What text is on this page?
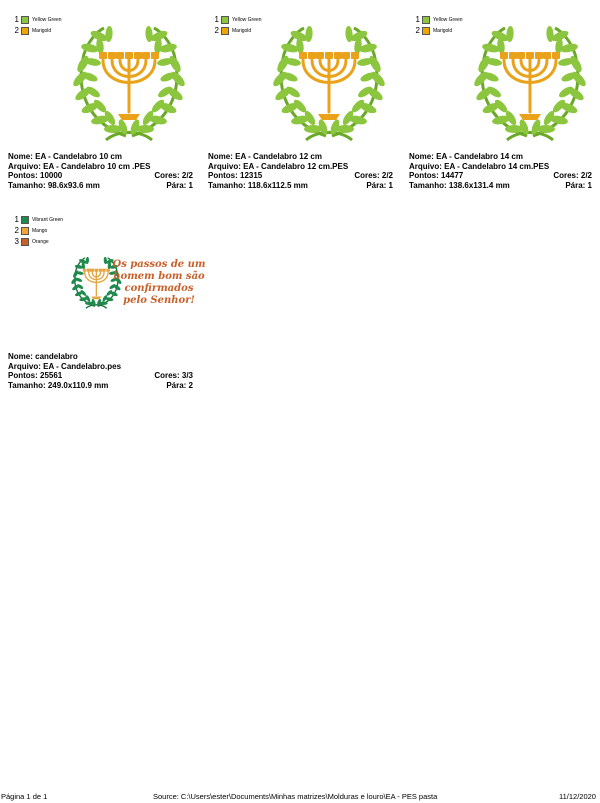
1	Yellow Green
2	Marigold
Nome: EA - Candelabro 10 cm
Arquivo: EA - Candelabro 10 cm .PES
Pontos: 10000	Cores: 2/2
Tamanho: 98.6x93.6 mm	Pára: 1
1	Yellow Green
2	Marigold
Nome: EA - Candelabro 12 cm
Arquivo: EA - Candelabro 12 cm.PES
Pontos: 12315	Cores: 2/2
Tamanho: 118.6x112.5 mm	Pára: 1
1	Yellow Green
2	Marigold
Nome: EA - Candelabro 14 cm
Arquivo: EA - Candelabro 14 cm.PES
Pontos: 14477	Cores: 2/2
Tamanho: 138.6x131.4 mm	Pára: 1
1	Vibrant Green
2	Mango
3	Orange
Os passos de um
homem bom são
confirmados
pelo Senhor!
Nome: candelabro
Arquivo: EA - Candelabro.pes
Pontos: 25561	Cores: 3/3
Tamanho: 249.0x110.9 mm	Pára: 2
Página 1 de 1	Source: C:\Users\ester\Documents\Minhas matrizes\Molduras e louro\EA - PES pasta	11/12/2020
